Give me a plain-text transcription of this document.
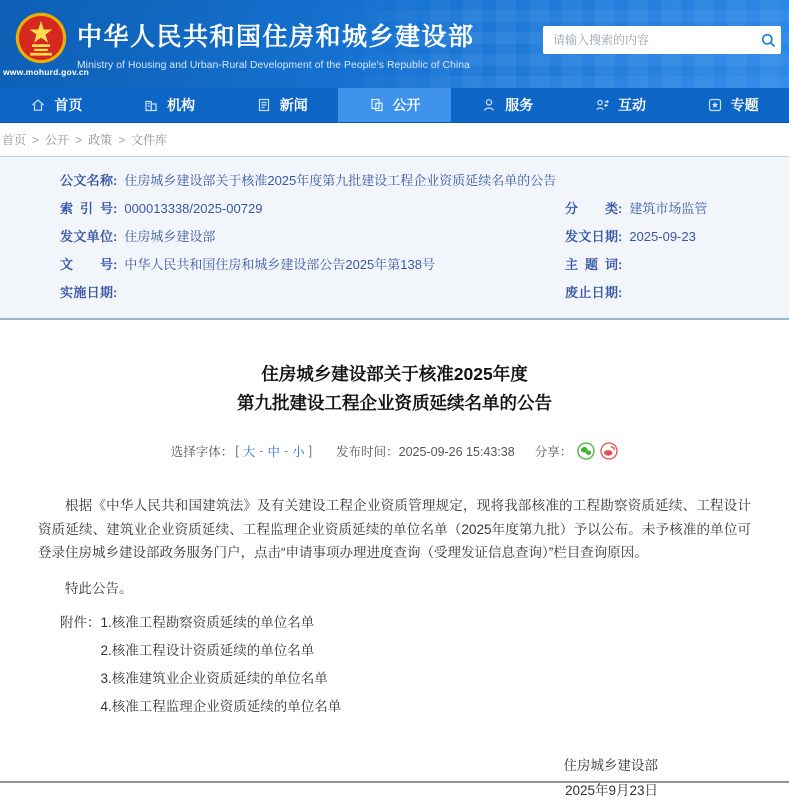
www.mohurd.gov.cn
中华人民共和国住房和城乡建设部
Ministry of Housing and Urban-Rural Development of the People's Republic of China
请输入搜索的内容
首页	机构	新闻	公开	服务	互动	专题
首页 > 公开 > 政策 > 文件库
公文名称: 住房城乡建设部关于核准2025年度第九批建设工程企业资质延续名单的公告
索引号: 000013338/2025-00729	分类: 建筑市场监管
发文单位: 住房城乡建设部	发文日期: 2025-09-23
文号: 中华人民共和国住房和城乡建设部公告2025年第138号	主题词:
实施日期:	废止日期:
住房城乡建设部关于核准2025年度
第九批建设工程企业资质延续名单的公告
选择字体： [ 大 - 中 - 小 ] 发布时间：2025-09-26 15:43:38 分享：

根据《中华人民共和国建筑法》及有关建设工程企业资质管理规定，现将我部核准的工程勘察资质延续、工程设计资质延续、建筑业企业资质延续、工程监理企业资质延续的单位名单（2025年度第九批）予以公布。未予核准的单位可登录住房城乡建设部政务服务门户，点击“申请事项办理进度查询（受理发证信息查询）”栏目查询原因。

特此公告。

附件： 1.核准工程勘察资质延续的单位名单
2.核准工程设计资质延续的单位名单
3.核准建筑业企业资质延续的单位名单
4.核准工程监理企业资质延续的单位名单
住房城乡建设部
2025年9月23日
